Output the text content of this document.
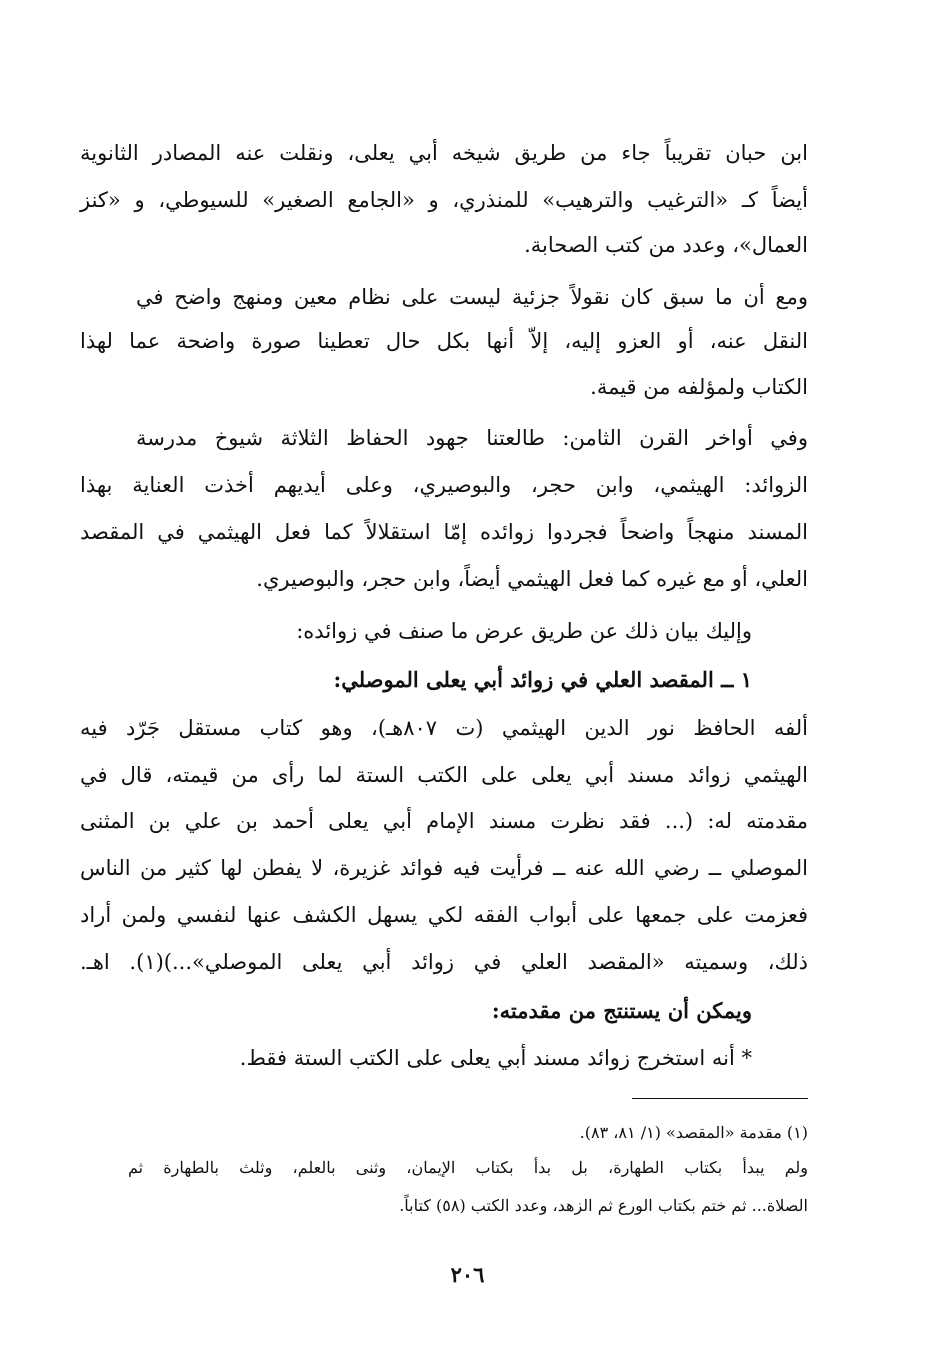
ابن حبان تقريباً جاء من طريق شيخه أبي يعلى، ونقلت عنه المصادر الثانوية
أيضاً كـ «الترغيب والترهيب» للمنذري، و «الجامع الصغير» للسيوطي، و «كنز
العمال»، وعدد من كتب الصحابة.
ومع أن ما سبق كان نقولاً جزئية ليست على نظام معين ومنهج واضح في
النقل عنه، أو العزو إليه، إلاّ أنها بكل حال تعطينا صورة واضحة عما لهذا
الكتاب ولمؤلفه من قيمة.
وفي أواخر القرن الثامن: طالعتنا جهود الحفاظ الثلاثة شيوخ مدرسة
الزوائد: الهيثمي، وابن حجر، والبوصيري، وعلى أيديهم أخذت العناية بهذا
المسند منهجاً واضحاً فجردوا زوائده إمّا استقلالاً كما فعل الهيثمي في المقصد
العلي، أو مع غيره كما فعل الهيثمي أيضاً، وابن حجر، والبوصيري.
وإليك بيان ذلك عن طريق عرض ما صنف في زوائده:
١ ــ المقصد العلي في زوائد أبي يعلى الموصلي:
ألفه الحافظ نور الدين الهيثمي (ت ٨٠٧هـ)، وهو كتاب مستقل جَرّد فيه
الهيثمي زوائد مسند أبي يعلى على الكتب الستة لما رأى من قيمته، قال في
مقدمته له: (... فقد نظرت مسند الإمام أبي يعلى أحمد بن علي بن المثنى
الموصلي ــ رضي الله عنه ــ فرأيت فيه فوائد غزيرة، لا يفطن لها كثير من الناس
فعزمت على جمعها على أبواب الفقه لكي يسهل الكشف عنها لنفسي ولمن أراد
ذلك، وسميته «المقصد العلي في زوائد أبي يعلى الموصلي»...)(١). اهـ.
ويمكن أن يستنتج من مقدمته:
* أنه استخرج زوائد مسند أبي يعلى على الكتب الستة فقط.
(١) مقدمة «المقصد» (١/ ٨١، ٨٣).
ولم يبدأ بكتاب الطهارة، بل بدأ بكتاب الإيمان، وثنى بالعلم، وثلث بالطهارة ثم
الصلاة... ثم ختم بكتاب الورع ثم الزهد، وعدد الكتب (٥٨) كتاباً.
٢٠٦
